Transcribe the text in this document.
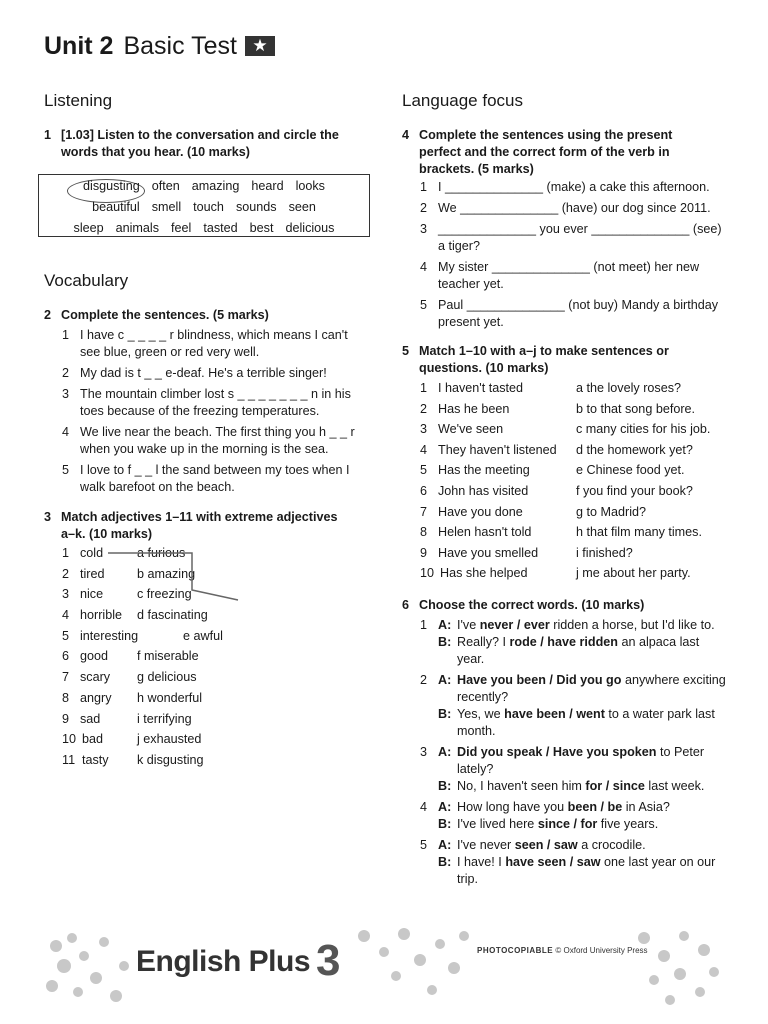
Unit 2 Basic Test ★
Listening
1 [1.03] Listen to the conversation and circle the words that you hear. (10 marks)
disgusting often amazing heard looks
beautiful smell touch sounds seen
sleep animals feel tasted best delicious
Vocabulary
2 Complete the sentences. (5 marks)
1 I have c _ _ _ _ r blindness, which means I can't see blue, green or red very well.
2 My dad is t _ _ e-deaf. He's a terrible singer!
3 The mountain climber lost s _ _ _ _ _ _ _ n in his toes because of the freezing temperatures.
4 We live near the beach. The first thing you h _ _ r when you wake up in the morning is the sea.
5 I love to f _ _ l the sand between my toes when I walk barefoot on the beach.
3 Match adjectives 1–11 with extreme adjectives a–k. (10 marks)
1 cold	a furious
2 tired	b amazing
3 nice	c freezing
4 horrible d fascinating
5 interesting	e awful
6 good f miserable
7 scary g delicious
8 angry h wonderful
9 sad	i terrifying
10 bad	j exhausted
11 tasty k disgusting
Language focus
4 Complete the sentences using the present perfect and the correct form of the verb in brackets. (5 marks)
1 I ______________ (make) a cake this afternoon.
2 We ______________ (have) our dog since 2011.
3 ______________ you ever ______________ (see) a tiger?
4 My sister ______________ (not meet) her new teacher yet.
5 Paul ______________ (not buy) Mandy a birthday present yet.
5 Match 1–10 with a–j to make sentences or questions. (10 marks)
1 I haven't tasted	a the lovely roses?
2 Has he been	b to that song before.
3 We've seen	c many cities for his job.
4 They haven't listened d the homework yet?
5 Has the meeting	e Chinese food yet.
6 John has visited	f you find your book?
7 Have you done	g to Madrid?
8 Helen hasn't told	h that film many times.
9 Have you smelled	i finished?
10 Has she helped	j me about her party.
6 Choose the correct words. (10 marks)
1 A: I've never / ever ridden a horse, but I'd like to.
B: Really? I rode / have ridden an alpaca last year.
2 A: Have you been / Did you go anywhere exciting recently?
B: Yes, we have been / went to a water park last month.
3 A: Did you speak / Have you spoken to Peter lately?
B: No, I haven't seen him for / since last week.
4 A: How long have you been / be in Asia?
B: I've lived here since / for five years.
5 A: I've never seen / saw a crocodile.
B: I have! I have seen / saw one last year on our trip.
English Plus 3	PHOTOCOPIABLE © Oxford University Press
